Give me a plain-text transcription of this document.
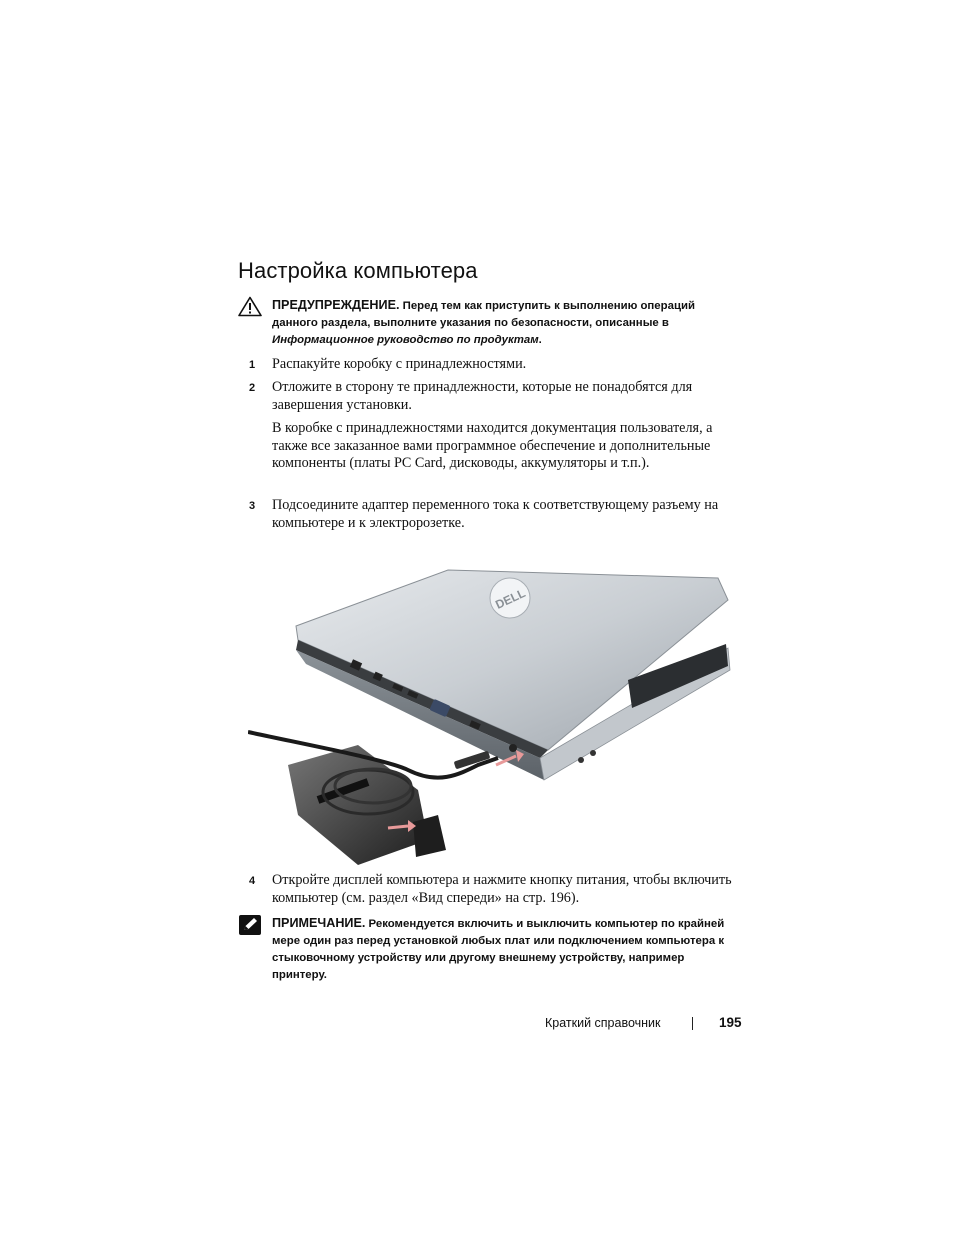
Настройка компьютера
ПРЕДУПРЕЖДЕНИЕ. Перед тем как приступить к выполнению операций данного раздела, выполните указания по безопасности, описанные в Информационное руководство по продуктам.
1 Распакуйте коробку с принадлежностями.
2 Отложите в сторону те принадлежности, которые не понадобятся для завершения установки.
В коробке с принадлежностями находится документация пользователя, а также все заказанное вами программное обеспечение и дополнительные компоненты (платы PC Card, дисководы, аккумуляторы и т.п.).
3 Подсоедините адаптер переменного тока к соответствующему разъему на компьютере и к электророзетке.
DELL
4 Откройте дисплей компьютера и нажмите кнопку питания, чтобы включить компьютер (см. раздел «Вид спереди» на стр. 196).
ПРИМЕЧАНИЕ. Рекомендуется включить и выключить компьютер по крайней мере один раз перед установкой любых плат или подключением компьютера к стыковочному устройству или другому внешнему устройству, например принтеру.
Краткий справочник	195
